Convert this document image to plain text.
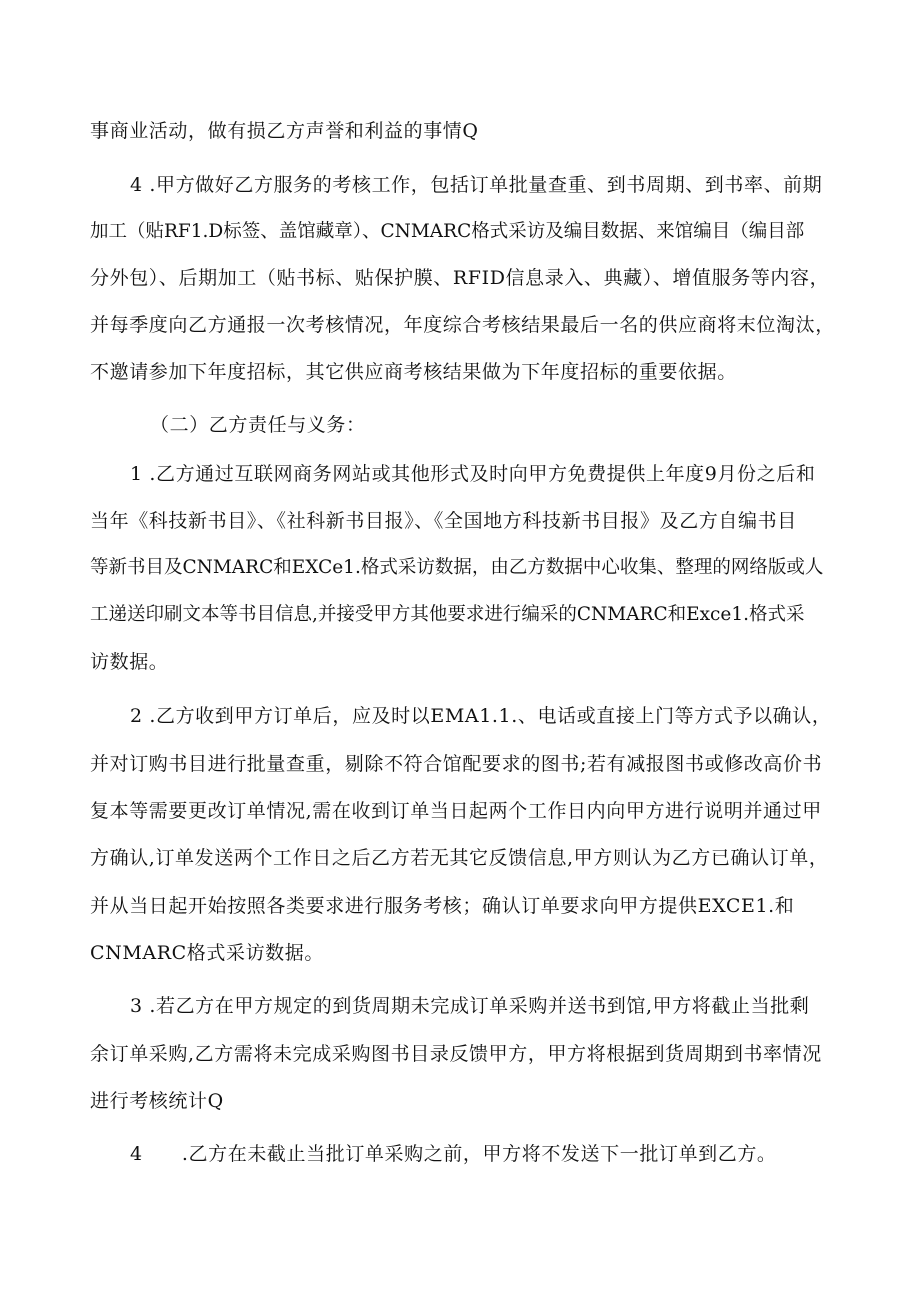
事商业活动，做有损乙方声誉和利益的事情Q
4 .甲方做好乙方服务的考核工作，包括订单批量查重、到书周期、到书率、前期
加工（贴RF1.D标签、盖馆藏章）、CNMARC格式采访及编目数据、来馆编目（编目部
分外包）、后期加工（贴书标、贴保护膜、RFID信息录入、典藏）、增值服务等内容，
并每季度向乙方通报一次考核情况，年度综合考核结果最后一名的供应商将末位淘汰，
不邀请参加下年度招标，其它供应商考核结果做为下年度招标的重要依据。
（二）乙方责任与义务：
1 .乙方通过互联网商务网站或其他形式及时向甲方免费提供上年度9月份之后和
当年《科技新书目》、《社科新书目报》、《全国地方科技新书目报》及乙方自编书目
等新书目及CNMARC和EXCe1.格式采访数据，由乙方数据中心收集、整理的网络版或人
工递送印刷文本等书目信息,并接受甲方其他要求进行编采的CNMARC和Exce1.格式采
访数据。
2 .乙方收到甲方订单后，应及时以EMA1.1.、电话或直接上门等方式予以确认，
并对订购书目进行批量查重，剔除不符合馆配要求的图书;若有减报图书或修改高价书
复本等需要更改订单情况,需在收到订单当日起两个工作日内向甲方进行说明并通过甲
方确认,订单发送两个工作日之后乙方若无其它反馈信息,甲方则认为乙方已确认订单，
并从当日起开始按照各类要求进行服务考核；确认订单要求向甲方提供EXCE1.和
CNMARC格式采访数据。
3 .若乙方在甲方规定的到货周期未完成订单采购并送书到馆,甲方将截止当批剩
余订单采购,乙方需将未完成采购图书目录反馈甲方，甲方将根据到货周期到书率情况
进行考核统计Q
4　　.乙方在未截止当批订单采购之前，甲方将不发送下一批订单到乙方。
